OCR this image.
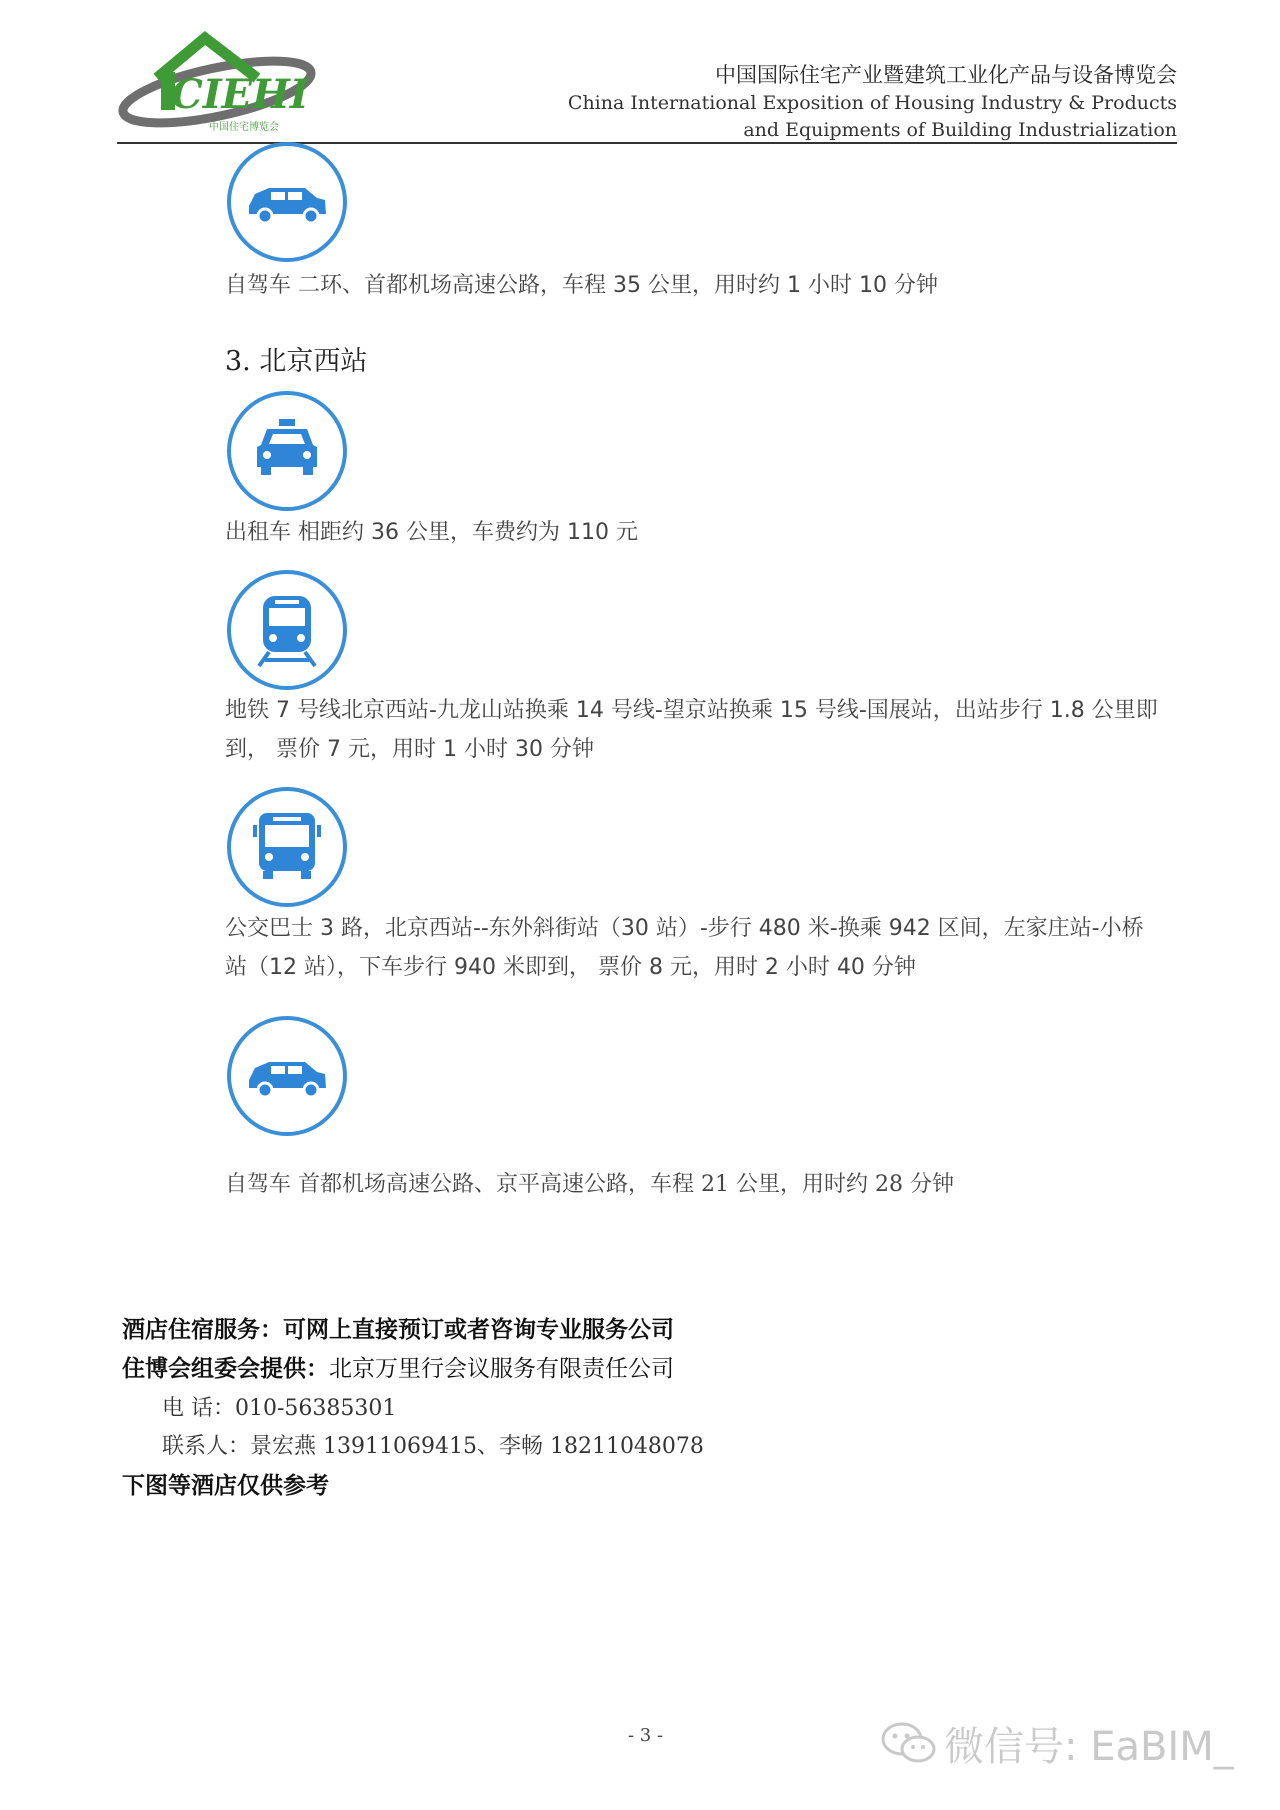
CIEHI
中国住宅博览会
中国国际住宅产业暨建筑工业化产品与设备博览会
China International Exposition of Housing Industry & Products
and Equipments of Building Industrialization
自驾车 二环、首都机场高速公路，车程 35 公里，用时约 1 小时 10 分钟
3. 北京西站
出租车 相距约 36 公里，车费约为 110 元
地铁 7 号线北京西站-九龙山站换乘 14 号线-望京站换乘 15 号线-国展站，出站步行 1.8 公里即
到， 票价 7 元，用时 1 小时 30 分钟
公交巴士 3 路，北京西站--东外斜街站（30 站）-步行 480 米-换乘 942 区间，左家庄站-小桥
站（12 站），下车步行 940 米即到， 票价 8 元，用时 2 小时 40 分钟
自驾车 首都机场高速公路、京平高速公路，车程 21 公里，用时约 28 分钟
酒店住宿服务：可网上直接预订或者咨询专业服务公司
住博会组委会提供：北京万里行会议服务有限责任公司
电 话：010-56385301
联系人：景宏燕 13911069415、李畅 18211048078
下图等酒店仅供参考
- 3 -	微信号: EaBIM_
